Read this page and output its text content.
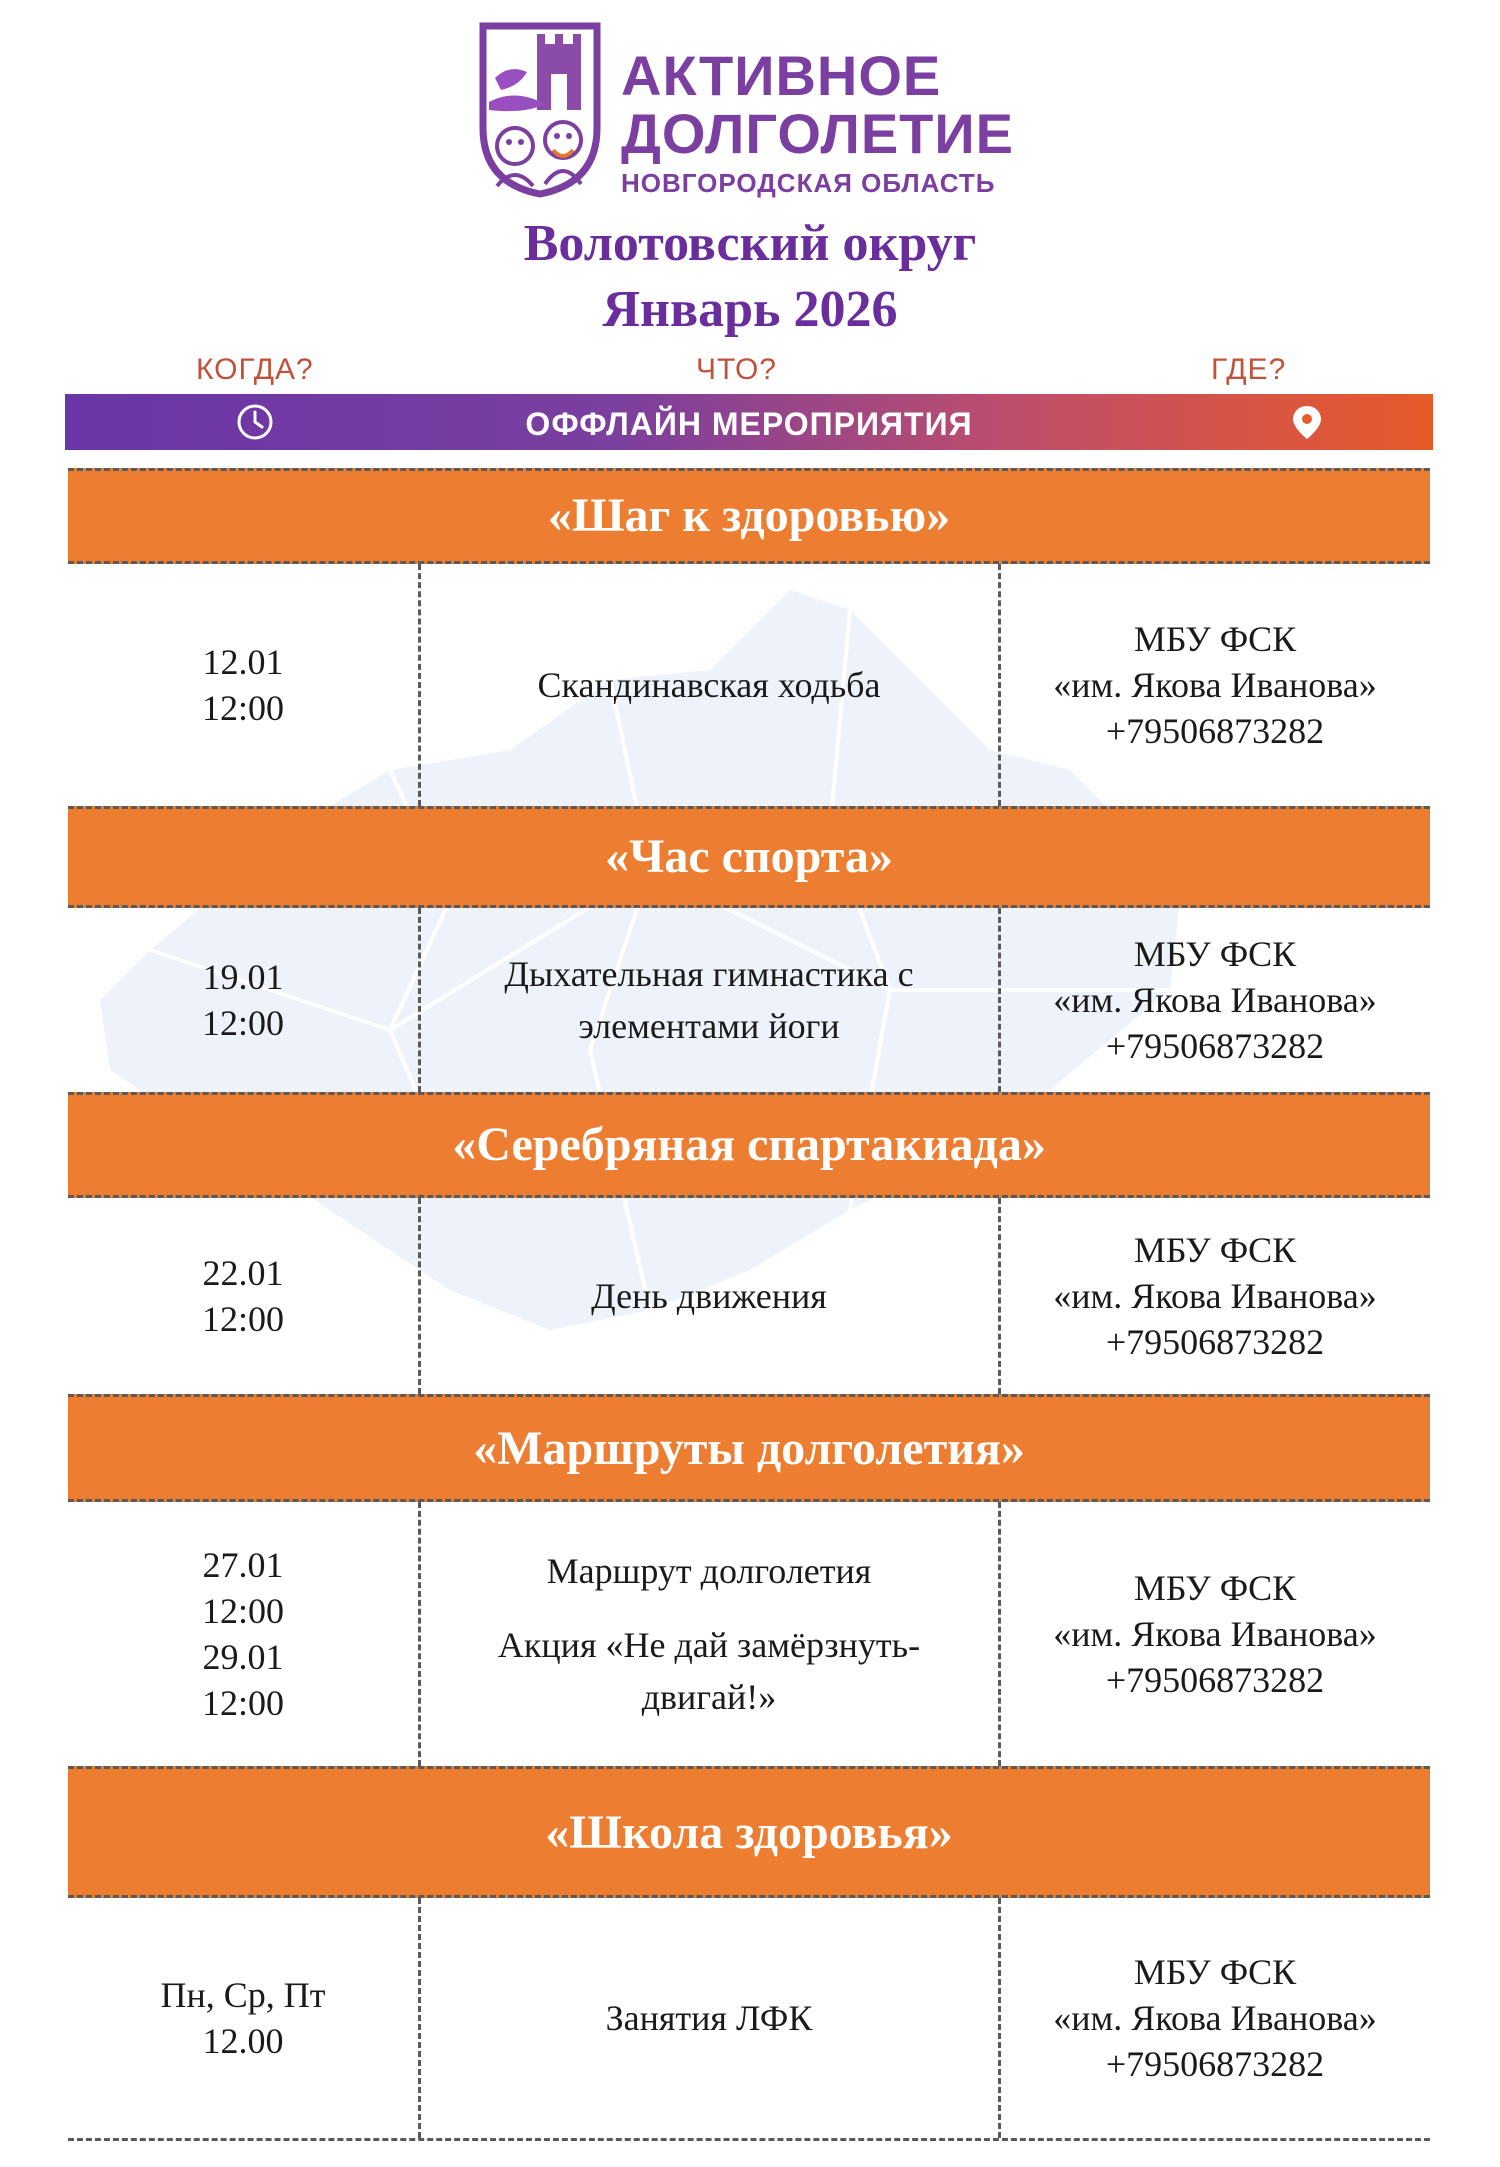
АКТИВНОЕ
ДОЛГОЛЕТИЕ
НОВГОРОДСКАЯ ОБЛАСТЬ
Волотовский округ
Январь 2026
КОГДА?	ЧТО?	ГДЕ?
ОФФЛАЙН МЕРОПРИЯТИЯ
«Шаг к здоровью»
12.01
12:00
Скандинавская ходьба
МБУ ФСК
«им. Якова Иванова»
+79506873282
«Час спорта»
19.01
12:00
Дыхательная гимнастика с
элементами йоги
МБУ ФСК
«им. Якова Иванова»
+79506873282
«Серебряная спартакиада»
22.01
12:00
День движения
МБУ ФСК
«им. Якова Иванова»
+79506873282
«Маршруты долголетия»
27.01
12:00
29.01
12:00
Маршрут долголетия
Акция «Не дай замёрзнуть-
двигай!»
МБУ ФСК
«им. Якова Иванова»
+79506873282
«Школа здоровья»
Пн, Ср, Пт
12.00
Занятия ЛФК
МБУ ФСК
«им. Якова Иванова»
+79506873282
